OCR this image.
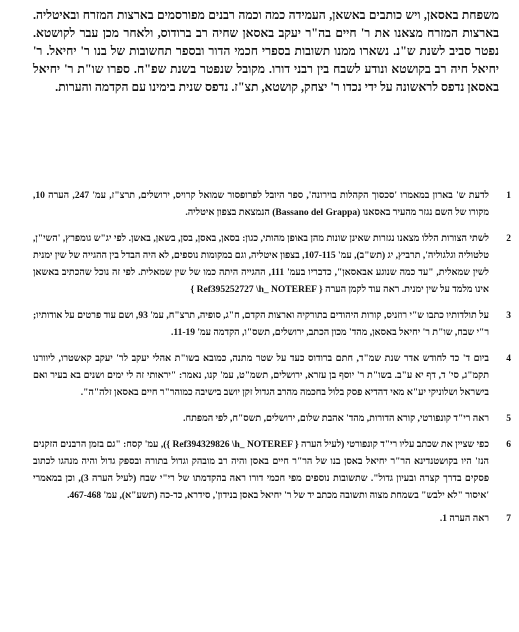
משפחת באסאן, ויש כותבים באשאן, העמידה כמה וכמה רבנים מפורסמים בארצות המזרח ובאיטליה. בארצות המזרח מצאנו את ר' חיים בה"ר יעקב באסאן שחיה רב ברודוס, ולאחר מכן עבר לקושטא. נפטר סביב לשנת ש"נ. נשארו ממנו תשובות בספרי חכמי הדור ובספר תחשובות של בנו ר' יחיאל. ר' יחיאל חיה רב בקושטא ונודע לשבח בין רבני דורו. מקובל שנפטר בשנת שפ"ח. ספרו שו"ת ר' יחיאל באסאן נדפס לראשונה על ידי נכדו ר' יצחק, קושטא, תצ"ז. נדפס שנית בימינו עם הקדמה והערות.
1
לדעת ש' בארון במאמרו 'סכסוך הקהלות בוירונה', ספר היובל לפרופסור שמואל קרויס, ירושלים, תרצ"ז, עמ' 247, הערה 10, מקורו של השם נגזר מהעיר באסאנו (Bassano del Grappa) הנמצאת בצפון איטליה.
2
לשתי הצורות הללו מצאנו נגזרות שאינן שונות מהן באופן מהותי, כגון: בסאן, באסן, בסן, בשאן, באשן. לפי יג"ש גומפרץ, 'השי"ן, טלטוליה וגלגוליה', תרביץ, יג (תש"ב), עמ' 107-115, בצפון איטליה, וגם במקומות נוספים, לא היה הבדל בין ההגייה של שין ימנית לשין שמאלית, "עד כמה שנוגע אבאסאן", כדבריו בעמ' 111, ההגייה היתה כמו של שין שמאלית. לפי זה נוכל שהכתיב באשאן אינו מלמד על שין ימנית. ראה עוד לקמן הערה { Ref395252727 \h_ NOTEREF }
3
על תולדותיו כתבו ש"י רוזניס, קורות היהודים בתורקיה וארצות הקדם, ח"ג, סופיה, תרצ"ח, עמ' 93, ושם עוד פרטים על אודותיו; ר"י שבח, שו"ת ר' יחיאל באסאן, מהד' מכון הכתב, ירושלים, תשס"ו, הקדמה עמ' 11-19.
4
ביום ד' כד לחודש אדר שנת שמ"ד, חתם ברודוס כעד על שטר מתנה, כמובא בשו"ת אהלי יעקב לר' יעקב קאשטרו, ליוורנו תקמ"ג, סי' ד, דף יא ע"ב. בשו"ת ר' יוסף בן עזרא, ירושלים, תשמ"ט, עמ' קנו, נאמר: "יראותי זה לי ימים ושנים בא בעיר ואם בישראל ושלוניקי יע"א מאי דהדיא פסק בלול בחכמה מהרב הגדול זקן יושב בישיבה כמוהר"ר חיים באסאן זלה"ה".
5
ראה רי"ד קונפורטי, קורא הדורות, מהד' אהבת שלום, ירושלים, תשס"ח, לפי המפתח.
6
כפי שציין את שכתב עליו רי"ד קונפורטי (לעיל הערה { Ref394329826 \h_ NOTEREF }), עמ' קסח: "גם בזמן הרבנים הזקנים הנז' היו בקושטנדינא הר"ר יחיאל באסן בנו של הר"ר חיים באסן והיה רב מובהק וגדול בתורה ובספק גדול והיה מנהגו לכתוב פסקים בדרך קצרה ובעיון גדול". שתשובות נוספים מפי חכמי דורו ראה בהקדמתו של רי"י שבח (לעיל הערה 3), וכן במאמרי 'איסור "לא ילבש" בשמחת מצוה ותשובה מכתב יד של ר' יחיאל באסן בנידון', סידרא, כד-כה (תשע"א), עמ' 467-468.
7
ראה הערה 1.
